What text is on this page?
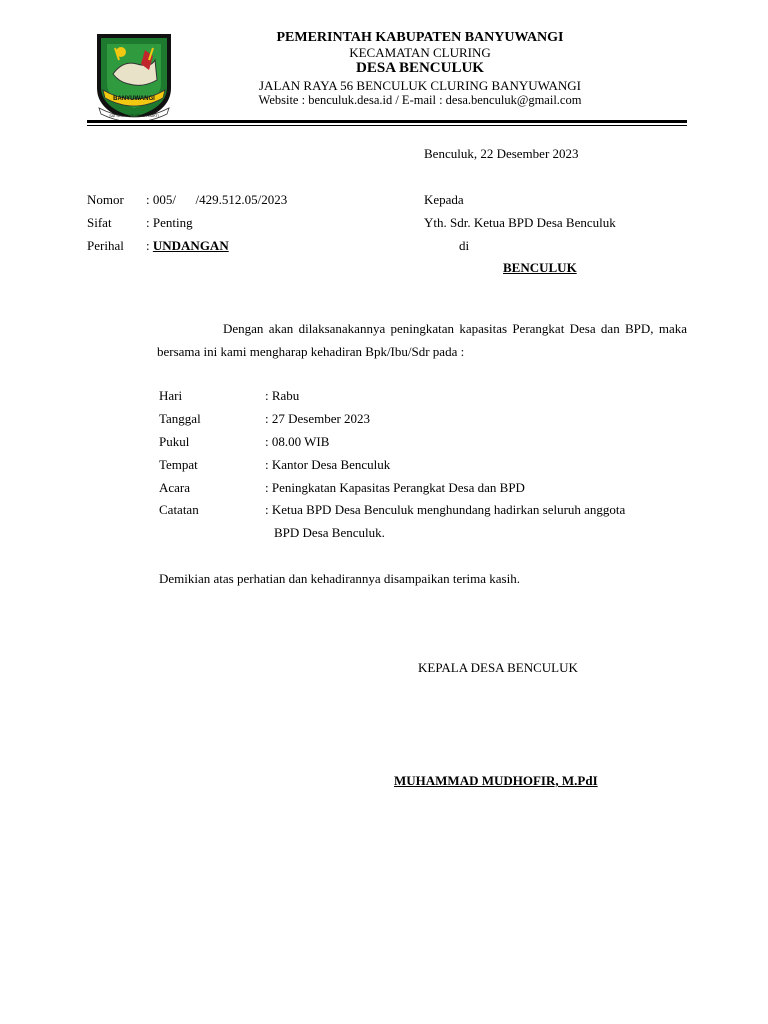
BANYUWANGI
SATYA BHAKTI PRAJA MUKTI
PEMERINTAH KABUPATEN BANYUWANGI
KECAMATAN CLURING
DESA BENCULUK
JALAN RAYA 56 BENCULUK CLURING BANYUWANGI
Website : benculuk.desa.id / E-mail : desa.benculuk@gmail.com
Benculuk, 22 Desember 2023
Nomor : 005/      /429.512.05/2023
Sifat	: Penting
Perihal : UNDANGAN
Kepada
Yth. Sdr. Ketua BPD Desa Benculuk
di
BENCULUK
Dengan akan dilaksanakannya peningkatan kapasitas Perangkat Desa dan BPD, maka bersama ini kami mengharap kehadiran Bpk/Ibu/Sdr pada :
Hari	: Rabu
Tanggal	: 27 Desember 2023
Pukul	: 08.00 WIB
Tempat	: Kantor Desa Benculuk
Acara	: Peningkatan Kapasitas Perangkat Desa dan BPD
Catatan	: Ketua BPD Desa Benculuk menghundang hadirkan seluruh anggota
BPD Desa Benculuk.
Demikian atas perhatian dan kehadirannya disampaikan terima kasih.
KEPALA DESA BENCULUK
MUHAMMAD MUDHOFIR, M.PdI
